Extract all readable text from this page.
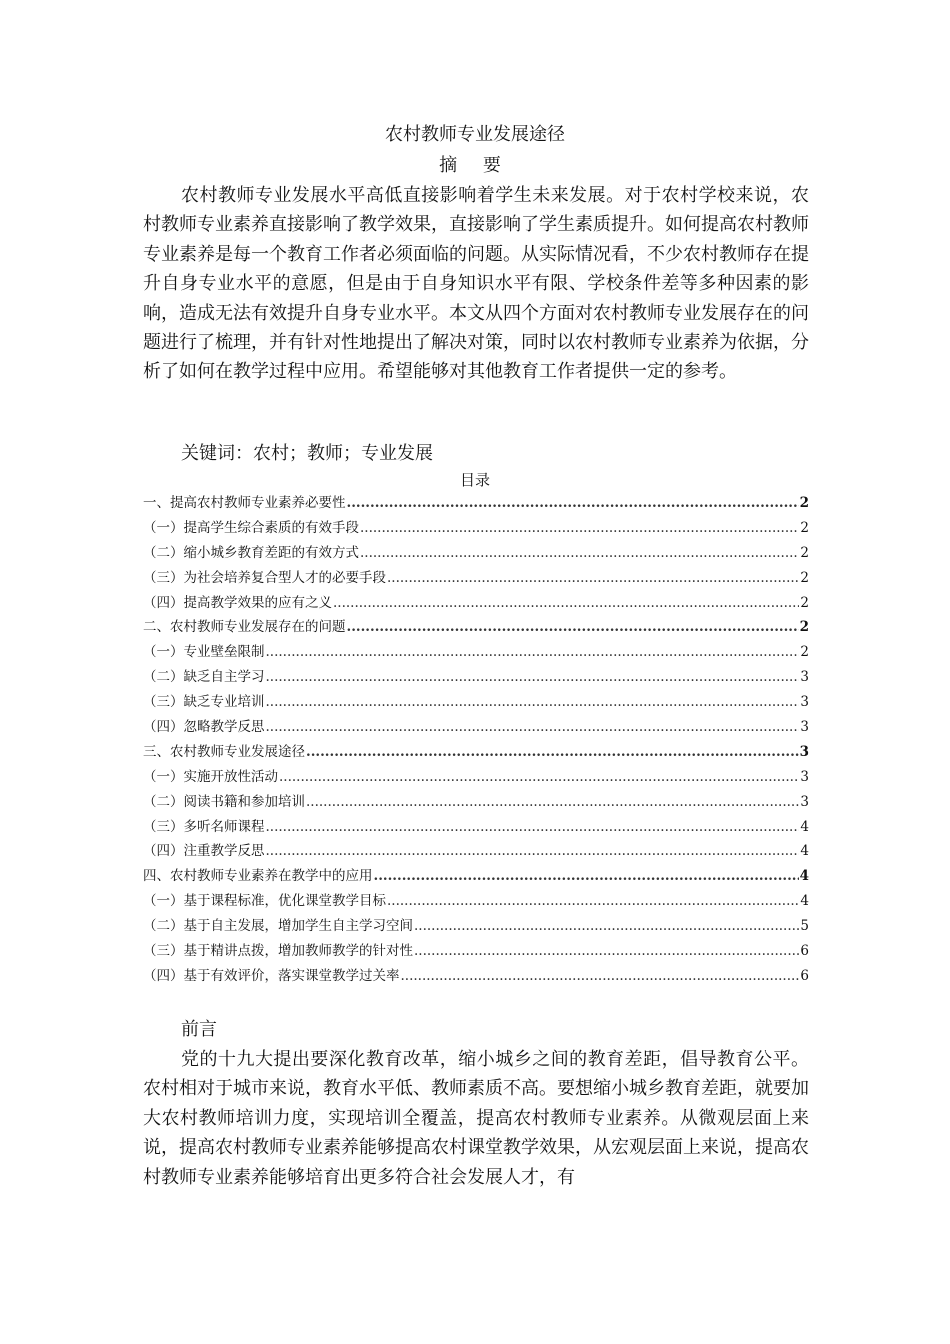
农村教师专业发展途径
摘 要

农村教师专业发展水平高低直接影响着学生未来发展。对于农村学校来说，农村教师专业素养直接影响了教学效果，直接影响了学生素质提升。如何提高农村教师专业素养是每一个教育工作者必须面临的问题。从实际情况看，不少农村教师存在提升自身专业水平的意愿，但是由于自身知识水平有限、学校条件差等多种因素的影响，造成无法有效提升自身专业水平。本文从四个方面对农村教师专业发展存在的问题进行了梳理，并有针对性地提出了解决对策，同时以农村教师专业素养为依据，分析了如何在教学过程中应用。希望能够对其他教育工作者提供一定的参考。

关键词：农村；教师；专业发展
目录
一、提高农村教师专业素养必要性 .....	2
（一）提高学生综合素质的有效手段 .....	2
（二）缩小城乡教育差距的有效方式 .....	2
（三）为社会培养复合型人才的必要手段 .....	2
（四）提高教学效果的应有之义 .....	2
二、农村教师专业发展存在的问题 .....	2
（一）专业壁垒限制 .....	2
（二）缺乏自主学习 .....	3
（三）缺乏专业培训 .....	3
（四）忽略教学反思 .....	3
三、农村教师专业发展途径 .....	3
（一）实施开放性活动 .....	3
（二）阅读书籍和参加培训 .....	3
（三）多听名师课程 .....	4
（四）注重教学反思 .....	4
四、农村教师专业素养在教学中的应用 .....	4
（一）基于课程标准，优化课堂教学目标 .....	4
（二）基于自主发展，增加学生自主学习空间 .....	5
（三）基于精讲点拨，增加教师教学的针对性 .....	6
（四）基于有效评价，落实课堂教学过关率 .....	6
前言

党的十九大提出要深化教育改革，缩小城乡之间的教育差距，倡导教育公平。农村相对于城市来说，教育水平低、教师素质不高。要想缩小城乡教育差距，就要加大农村教师培训力度，实现培训全覆盖，提高农村教师专业素养。从微观层面上来说，提高农村教师专业素养能够提高农村课堂教学效果，从宏观层面上来说，提高农村教师专业素养能够培育出更多符合社会发展人才，有
